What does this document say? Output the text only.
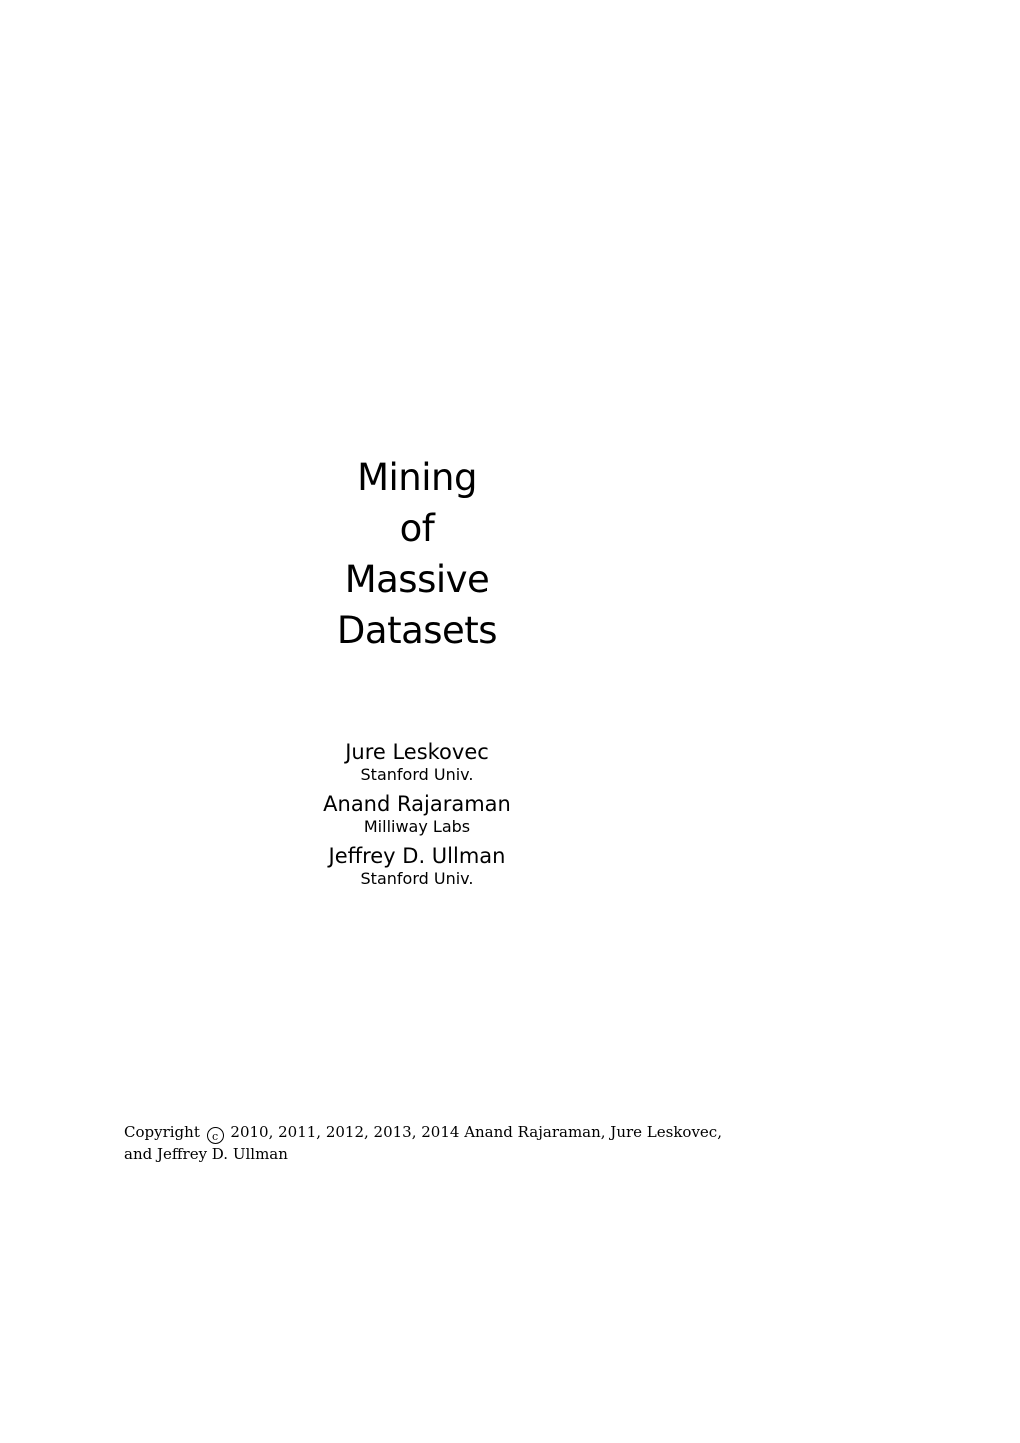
Mining
of
Massive
Datasets
Jure Leskovec
Stanford Univ.
Anand Rajaraman
Milliway Labs
Jeffrey D. Ullman
Stanford Univ.
Copyright c 2010, 2011, 2012, 2013, 2014 Anand Rajaraman, Jure Leskovec,
and Jeffrey D. Ullman
